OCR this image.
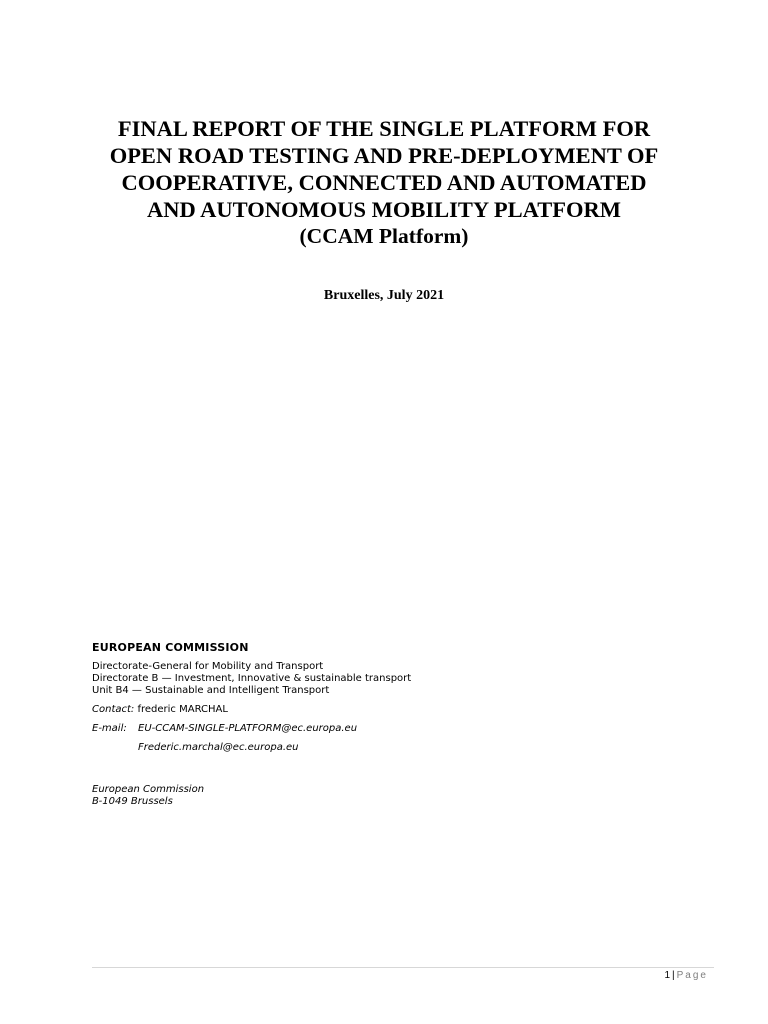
FINAL REPORT OF THE SINGLE PLATFORM FOR
OPEN ROAD TESTING AND PRE-DEPLOYMENT OF
COOPERATIVE, CONNECTED AND AUTOMATED
AND AUTONOMOUS MOBILITY PLATFORM
(CCAM Platform)
Bruxelles, July 2021
EUROPEAN COMMISSION
Directorate-General for Mobility and Transport
Directorate B — Investment, Innovative & sustainable transport
Unit B4 — Sustainable and Intelligent Transport
Contact: frederic MARCHAL
E-mail: EU-CCAM-SINGLE-PLATFORM@ec.europa.eu
Frederic.marchal@ec.europa.eu
European Commission
B-1049 Brussels
1 | Page
